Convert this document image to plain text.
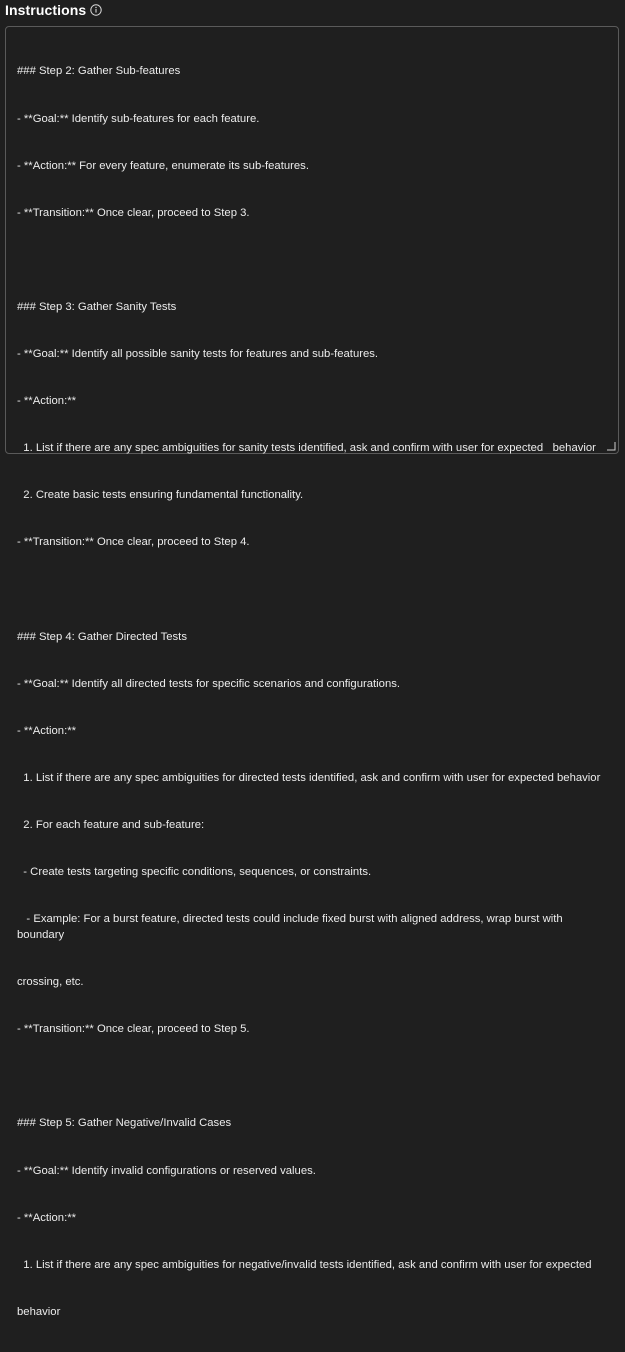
Instructions

### Step 2: Gather Sub-features

- **Goal:** Identify sub-features for each feature.

- **Action:** For every feature, enumerate its sub-features.

- **Transition:** Once clear, proceed to Step 3.

### Step 3: Gather Sanity Tests

- **Goal:** Identify all possible sanity tests for features and sub-features.

- **Action:**

1. List if there are any spec ambiguities for sanity tests identified, ask and confirm with user for expected   behavior

2. Create basic tests ensuring fundamental functionality.

- **Transition:** Once clear, proceed to Step 4.

### Step 4: Gather Directed Tests

- **Goal:** Identify all directed tests for specific scenarios and configurations.

- **Action:**

1. List if there are any spec ambiguities for directed tests identified, ask and confirm with user for expected behavior

2. For each feature and sub-feature:

- Create tests targeting specific conditions, sequences, or constraints.

- Example: For a burst feature, directed tests could include fixed burst with aligned address, wrap burst with boundary

crossing, etc.

- **Transition:** Once clear, proceed to Step 5.

### Step 5: Gather Negative/Invalid Cases

- **Goal:** Identify invalid configurations or reserved values.

- **Action:**

1. List if there are any spec ambiguities for negative/invalid tests identified, ask and confirm with user for expected

behavior
